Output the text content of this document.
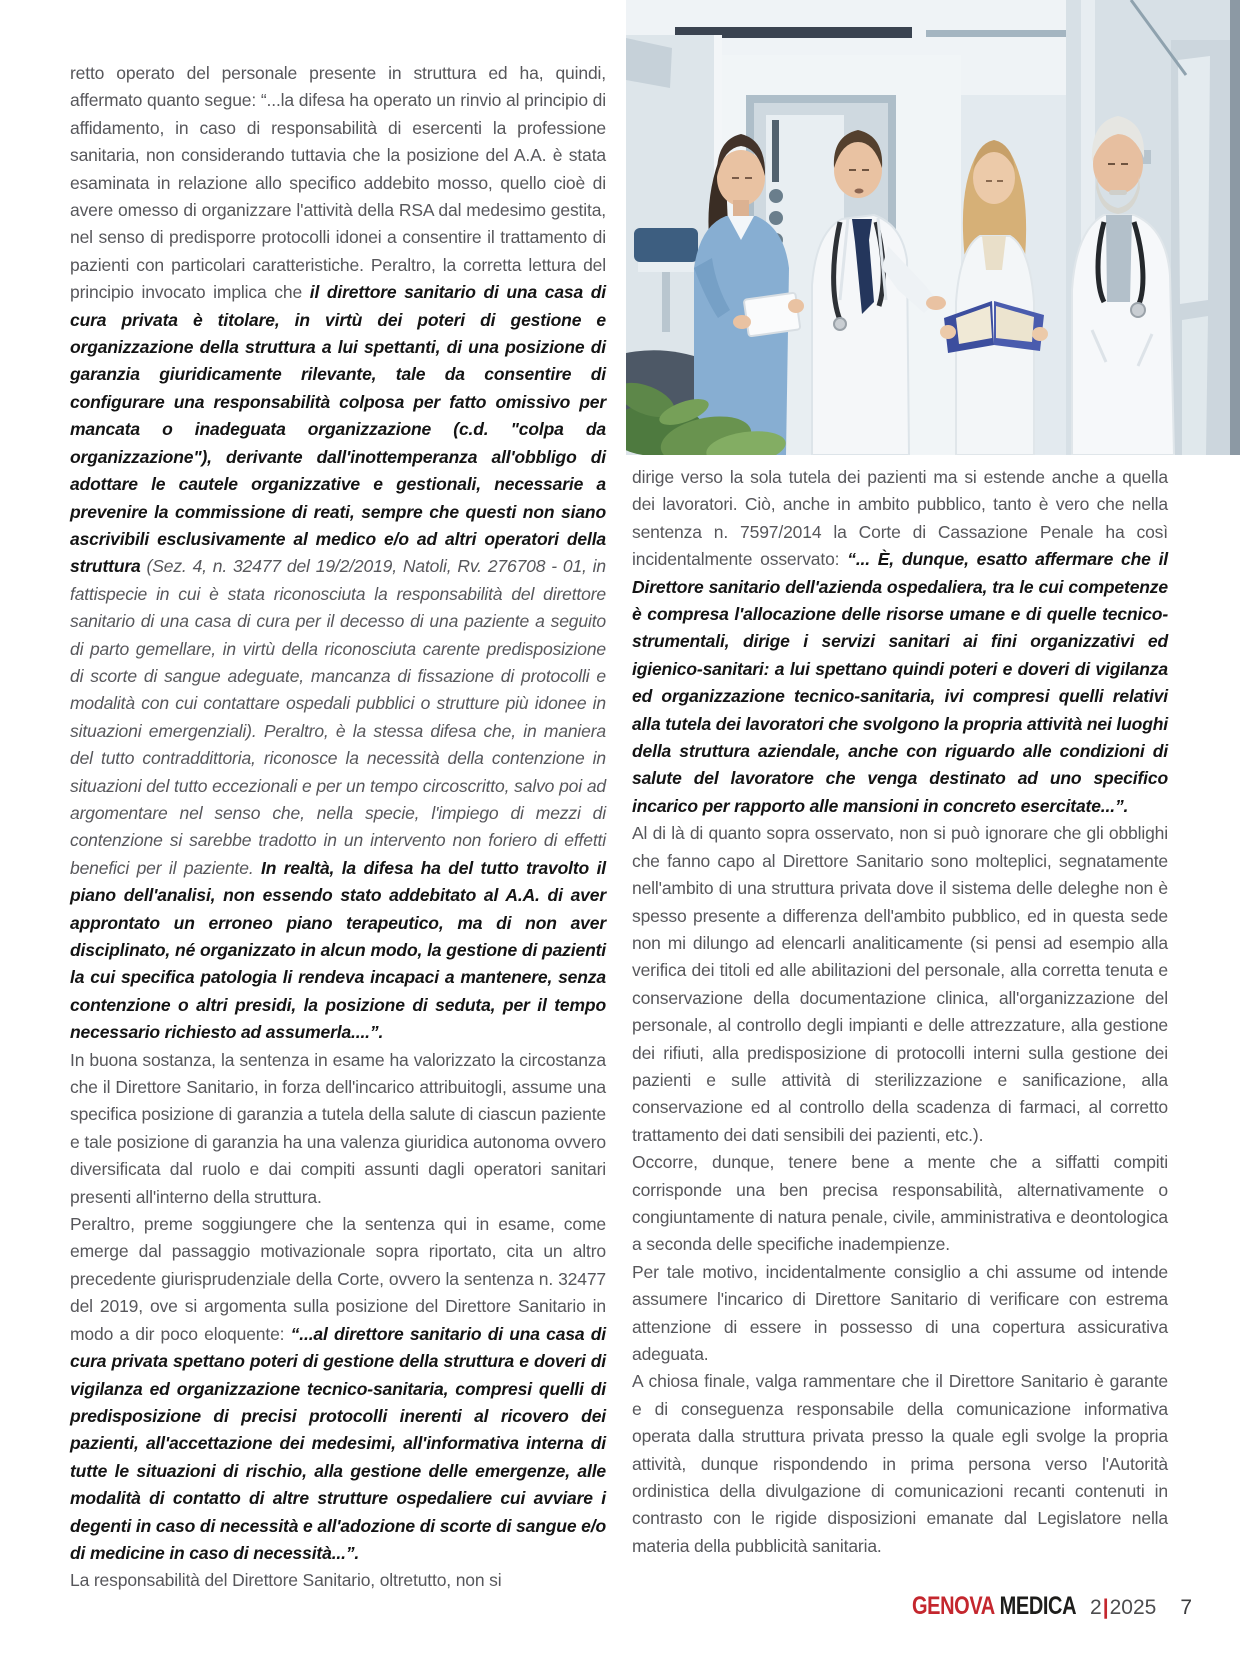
retto operato del personale presente in struttura ed ha, quindi, affermato quanto segue: “...la difesa ha operato un rinvio al principio di affidamento, in caso di responsabilità di esercenti la professione sanitaria, non considerando tuttavia che la posizione del A.A. è stata esaminata in relazione allo specifico addebito mosso, quello cioè di avere omesso di organizzare l'attività della RSA dal medesimo gestita, nel senso di predisporre protocolli idonei a consentire il trattamento di pazienti con particolari caratteristiche. Peraltro, la corretta lettura del principio invocato implica che il direttore sanitario di una casa di cura privata è titolare, in virtù dei poteri di gestione e organizzazione della struttura a lui spettanti, di una posizione di garanzia giuridicamente rilevante, tale da consentire di configurare una responsabilità colposa per fatto omissivo per mancata o inadeguata organizzazione (c.d. "colpa da organizzazione"), derivante dall'inottemperanza all'obbligo di adottare le cautele organizzative e gestionali, necessarie a prevenire la commissione di reati, sempre che questi non siano ascrivibili esclusivamente al medico e/o ad altri operatori della struttura (Sez. 4, n. 32477 del 19/2/2019, Natoli, Rv. 276708 - 01, in fattispecie in cui è stata riconosciuta la responsabilità del direttore sanitario di una casa di cura per il decesso di una paziente a seguito di parto gemellare, in virtù della riconosciuta carente predisposizione di scorte di sangue adeguate, mancanza di fissazione di protocolli e modalità con cui contattare ospedali pubblici o strutture più idonee in situazioni emergenziali). Peraltro, è la stessa difesa che, in maniera del tutto contraddittoria, riconosce la necessità della contenzione in situazioni del tutto eccezionali e per un tempo circoscritto, salvo poi ad argomentare nel senso che, nella specie, l'impiego di mezzi di contenzione si sarebbe tradotto in un intervento non foriero di effetti benefici per il paziente. In realtà, la difesa ha del tutto travolto il piano dell'analisi, non essendo stato addebitato al A.A. di aver approntato un erroneo piano terapeutico, ma di non aver disciplinato, né organizzato in alcun modo, la gestione di pazienti la cui specifica patologia li rendeva incapaci a mantenere, senza contenzione o altri presidi, la posizione di seduta, per il tempo necessario richiesto ad assumerla....”.

In buona sostanza, la sentenza in esame ha valorizzato la circostanza che il Direttore Sanitario, in forza dell'incarico attribuitogli, assume una specifica posizione di garanzia a tutela della salute di ciascun paziente e tale posizione di garanzia ha una valenza giuridica autonoma ovvero diversificata dal ruolo e dai compiti assunti dagli operatori sanitari presenti all'interno della struttura.

Peraltro, preme soggiungere che la sentenza qui in esame, come emerge dal passaggio motivazionale sopra riportato, cita un altro precedente giurisprudenziale della Corte, ovvero la sentenza n. 32477 del 2019, ove si argomenta sulla posizione del Direttore Sanitario in modo a dir poco eloquente: “...al direttore sanitario di una casa di cura privata spettano poteri di gestione della struttura e doveri di vigilanza ed organizzazione tecnico-sanitaria, compresi quelli di predisposizione di precisi protocolli inerenti al ricovero dei pazienti, all'accettazione dei medesimi, all'informativa interna di tutte le situazioni di rischio, alla gestione delle emergenze, alle modalità di contatto di altre strutture ospedaliere cui avviare i degenti in caso di necessità e all'adozione di scorte di sangue e/o di medicine in caso di necessità...”.

La responsabilità del Direttore Sanitario, oltretutto, non si

dirige verso la sola tutela dei pazienti ma si estende anche a quella dei lavoratori. Ciò, anche in ambito pubblico, tanto è vero che nella sentenza n. 7597/2014 la Corte di Cassazione Penale ha così incidentalmente osservato: “... È, dunque, esatto affermare che il Direttore sanitario dell'azienda ospedaliera, tra le cui competenze è compresa l'allocazione delle risorse umane e di quelle tecnico-strumentali, dirige i servizi sanitari ai fini organizzativi ed igienico-sanitari: a lui spettano quindi poteri e doveri di vigilanza ed organizzazione tecnico-sanitaria, ivi compresi quelli relativi alla tutela dei lavoratori che svolgono la propria attività nei luoghi della struttura aziendale, anche con riguardo alle condizioni di salute del lavoratore che venga destinato ad uno specifico incarico per rapporto alle mansioni in concreto esercitate...”.

Al di là di quanto sopra osservato, non si può ignorare che gli obblighi che fanno capo al Direttore Sanitario sono molteplici, segnatamente nell'ambito di una struttura privata dove il sistema delle deleghe non è spesso presente a differenza dell'ambito pubblico, ed in questa sede non mi dilungo ad elencarli analiticamente (si pensi ad esempio alla verifica dei titoli ed alle abilitazioni del personale, alla corretta tenuta e conservazione della documentazione clinica, all'organizzazione del personale, al controllo degli impianti e delle attrezzature, alla gestione dei rifiuti, alla predisposizione di protocolli interni sulla gestione dei pazienti e sulle attività di sterilizzazione e sanificazione, alla conservazione ed al controllo della scadenza di farmaci, al corretto trattamento dei dati sensibili dei pazienti, etc.).

Occorre, dunque, tenere bene a mente che a siffatti compiti corrisponde una ben precisa responsabilità, alternativamente o congiuntamente di natura penale, civile, amministrativa e deontologica a seconda delle specifiche inadempienze.

Per tale motivo, incidentalmente consiglio a chi assume od intende assumere l'incarico di Direttore Sanitario di verificare con estrema attenzione di essere in possesso di una copertura assicurativa adeguata.

A chiosa finale, valga rammentare che il Direttore Sanitario è garante e di conseguenza responsabile della comunicazione informativa operata dalla struttura privata presso la quale egli svolge la propria attività, dunque rispondendo in prima persona verso l'Autorità ordinistica della divulgazione di comunicazioni recanti contenuti in contrasto con le rigide disposizioni emanate dal Legislatore nella materia della pubblicità sanitaria.

GENOVA MEDICA 2|2025 7
